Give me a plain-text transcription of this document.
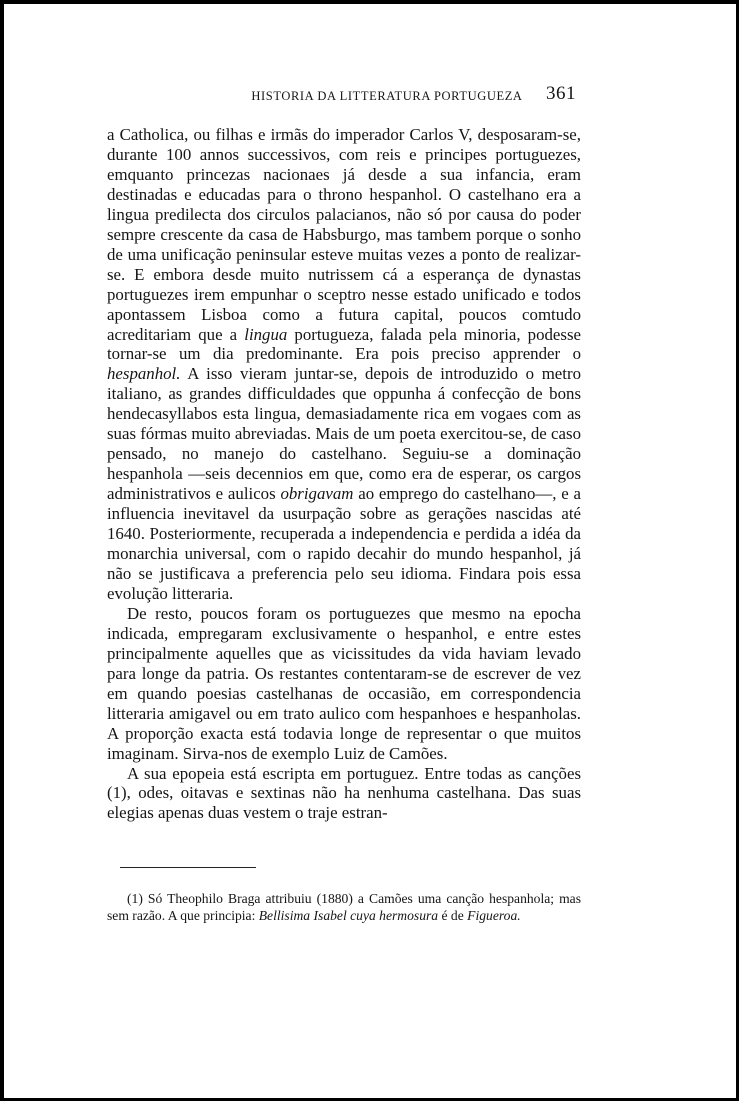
HISTORIA DA LITTERATURA PORTUGUEZA	361

a Catholica, ou filhas e irmãs do imperador Carlos V, desposaram-se, durante 100 annos successivos, com reis e principes portuguezes, emquanto princezas nacionaes já desde a sua infancia, eram destinadas e educadas para o throno hespanhol. O castelhano era a lingua predilecta dos circulos palacianos, não só por causa do poder sempre crescente da casa de Habsburgo, mas tambem porque o sonho de uma unificação peninsular esteve muitas vezes a ponto de realizar-se. E embora desde muito nutrissem cá a esperança de dynastas portuguezes irem empunhar o sceptro nesse estado unificado e todos apontassem Lisboa como a futura capital, poucos comtudo acreditariam que a lingua portugueza, falada pela minoria, podesse tornar-se um dia predominante. Era pois preciso apprender o hespanhol. A isso vieram juntar-se, depois de introduzido o metro italiano, as grandes difficuldades que oppunha á confecção de bons hendecasyllabos esta lingua, demasiadamente rica em vogaes com as suas fórmas muito abreviadas. Mais de um poeta exercitou-se, de caso pensado, no manejo do castelhano. Seguiu-se a dominação hespanhola —seis decennios em que, como era de esperar, os cargos administrativos e aulicos obrigavam ao emprego do castelhano—, e a influencia inevitavel da usurpação sobre as gerações nascidas até 1640. Posteriormente, recuperada a independencia e perdida a idéa da monarchia universal, com o rapido decahir do mundo hespanhol, já não se justificava a preferencia pelo seu idioma. Findara pois essa evolução litteraria.

De resto, poucos foram os portuguezes que mesmo na epocha indicada, empregaram exclusivamente o hespanhol, e entre estes principalmente aquelles que as vicissitudes da vida haviam levado para longe da patria. Os restantes contentaram-se de escrever de vez em quando poesias castelhanas de occasião, em correspondencia litteraria amigavel ou em trato aulico com hespanhoes e hespanholas. A proporção exacta está todavia longe de representar o que muitos imaginam. Sirva-nos de exemplo Luiz de Camões.

A sua epopeia está escripta em portuguez. Entre todas as canções (1), odes, oitavas e sextinas não ha nenhuma castelhana. Das suas elegias apenas duas vestem o traje estran-

(1) Só Theophilo Braga attribuiu (1880) a Camões uma canção hespanhola; mas sem razão. A que principia: Bellisima Isabel cuya hermosura é de Figueroa.
